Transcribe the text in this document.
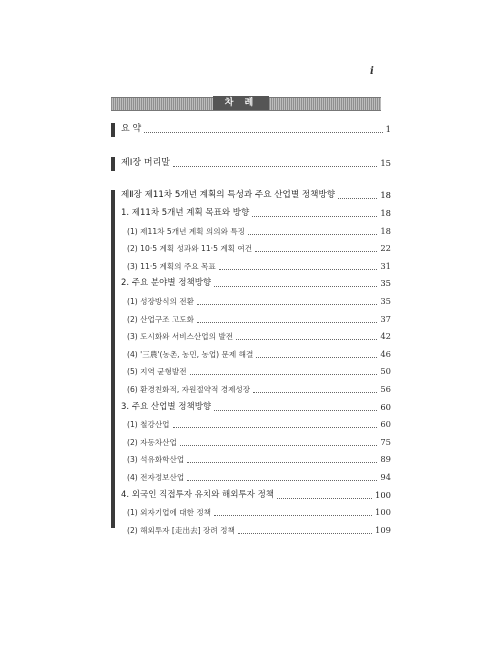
i
차 례
요 약	1
제Ⅰ장 머리말	15
제Ⅱ장 제11차 5개년 계획의 특성과 주요 산업별 정책방향	18
1. 제11차 5개년 계획 목표와 방향	18
(1) 제11차 5개년 계획 의의와 특징	18
(2) 10·5 계획 성과와 11·5 계획 여건	22
(3) 11·5 계획의 주요 목표	31
2. 주요 분야별 정책방향	35
(1) 성장방식의 전환	35
(2) 산업구조 고도화	37
(3) 도시화와 서비스산업의 발전	42
(4) '三農'(농촌, 농민, 농업) 문제 해결	46
(5) 지역 균형발전	50
(6) 환경친화적, 자원절약적 경제성장	56
3. 주요 산업별 정책방향	60
(1) 철강산업	60
(2) 자동차산업	75
(3) 석유화학산업	89
(4) 전자정보산업	94
4. 외국인 직접투자 유치와 해외투자 정책	100
(1) 외자기업에 대한 정책	100
(2) 해외투자 [走出去] 장려 정책	109
